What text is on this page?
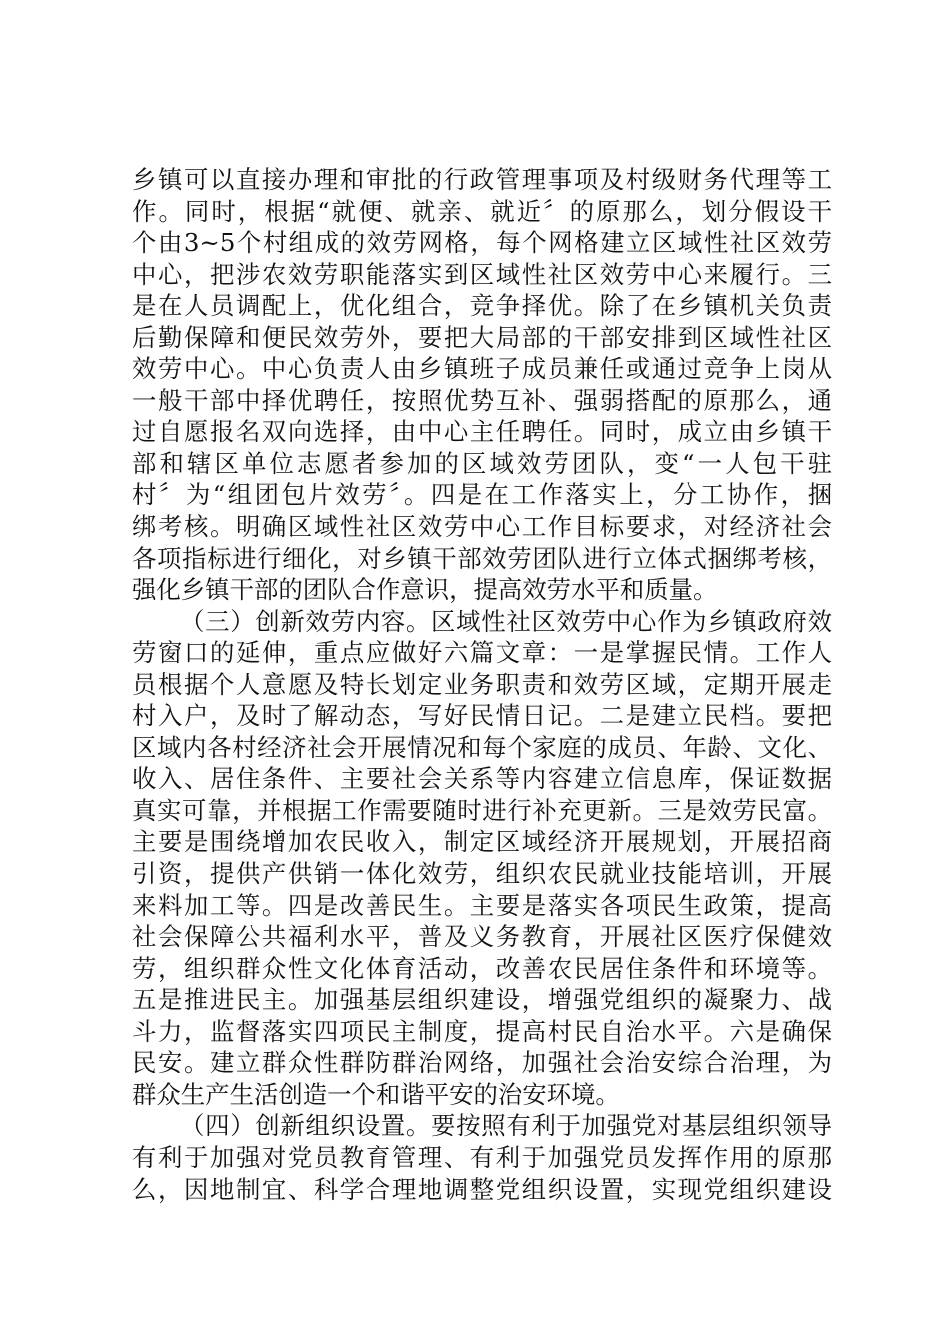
乡镇可以直接办理和审批的行政管理事项及村级财务代理等工
作。同时，根据“就便、就亲、就近〞的原那么，划分假设干
个由3~5个村组成的效劳网格，每个网格建立区域性社区效劳
中心，把涉农效劳职能落实到区域性社区效劳中心来履行。三
是在人员调配上，优化组合，竞争择优。除了在乡镇机关负责
后勤保障和便民效劳外，要把大局部的干部安排到区域性社区
效劳中心。中心负责人由乡镇班子成员兼任或通过竞争上岗从
一般干部中择优聘任，按照优势互补、强弱搭配的原那么，通
过自愿报名双向选择，由中心主任聘任。同时，成立由乡镇干
部和辖区单位志愿者参加的区域效劳团队，变“一人包干驻
村〞为“组团包片效劳〞。四是在工作落实上，分工协作，捆
绑考核。明确区域性社区效劳中心工作目标要求，对经济社会
各项指标进行细化，对乡镇干部效劳团队进行立体式捆绑考核，
强化乡镇干部的团队合作意识，提高效劳水平和质量。
（三）创新效劳内容。区域性社区效劳中心作为乡镇政府效
劳窗口的延伸，重点应做好六篇文章：一是掌握民情。工作人
员根据个人意愿及特长划定业务职责和效劳区域，定期开展走
村入户，及时了解动态，写好民情日记。二是建立民档。要把
区域内各村经济社会开展情况和每个家庭的成员、年龄、文化、
收入、居住条件、主要社会关系等内容建立信息库，保证数据
真实可靠，并根据工作需要随时进行补充更新。三是效劳民富。
主要是围绕增加农民收入，制定区域经济开展规划，开展招商
引资，提供产供销一体化效劳，组织农民就业技能培训，开展
来料加工等。四是改善民生。主要是落实各项民生政策，提高
社会保障公共福利水平，普及义务教育，开展社区医疗保健效
劳，组织群众性文化体育活动，改善农民居住条件和环境等。
五是推进民主。加强基层组织建设，增强党组织的凝聚力、战
斗力，监督落实四项民主制度，提高村民自治水平。六是确保
民安。建立群众性群防群治网络，加强社会治安综合治理，为
群众生产生活创造一个和谐平安的治安环境。
（四）创新组织设置。要按照有利于加强党对基层组织领导
有利于加强对党员教育管理、有利于加强党员发挥作用的原那
么，因地制宜、科学合理地调整党组织设置，实现党组织建设
